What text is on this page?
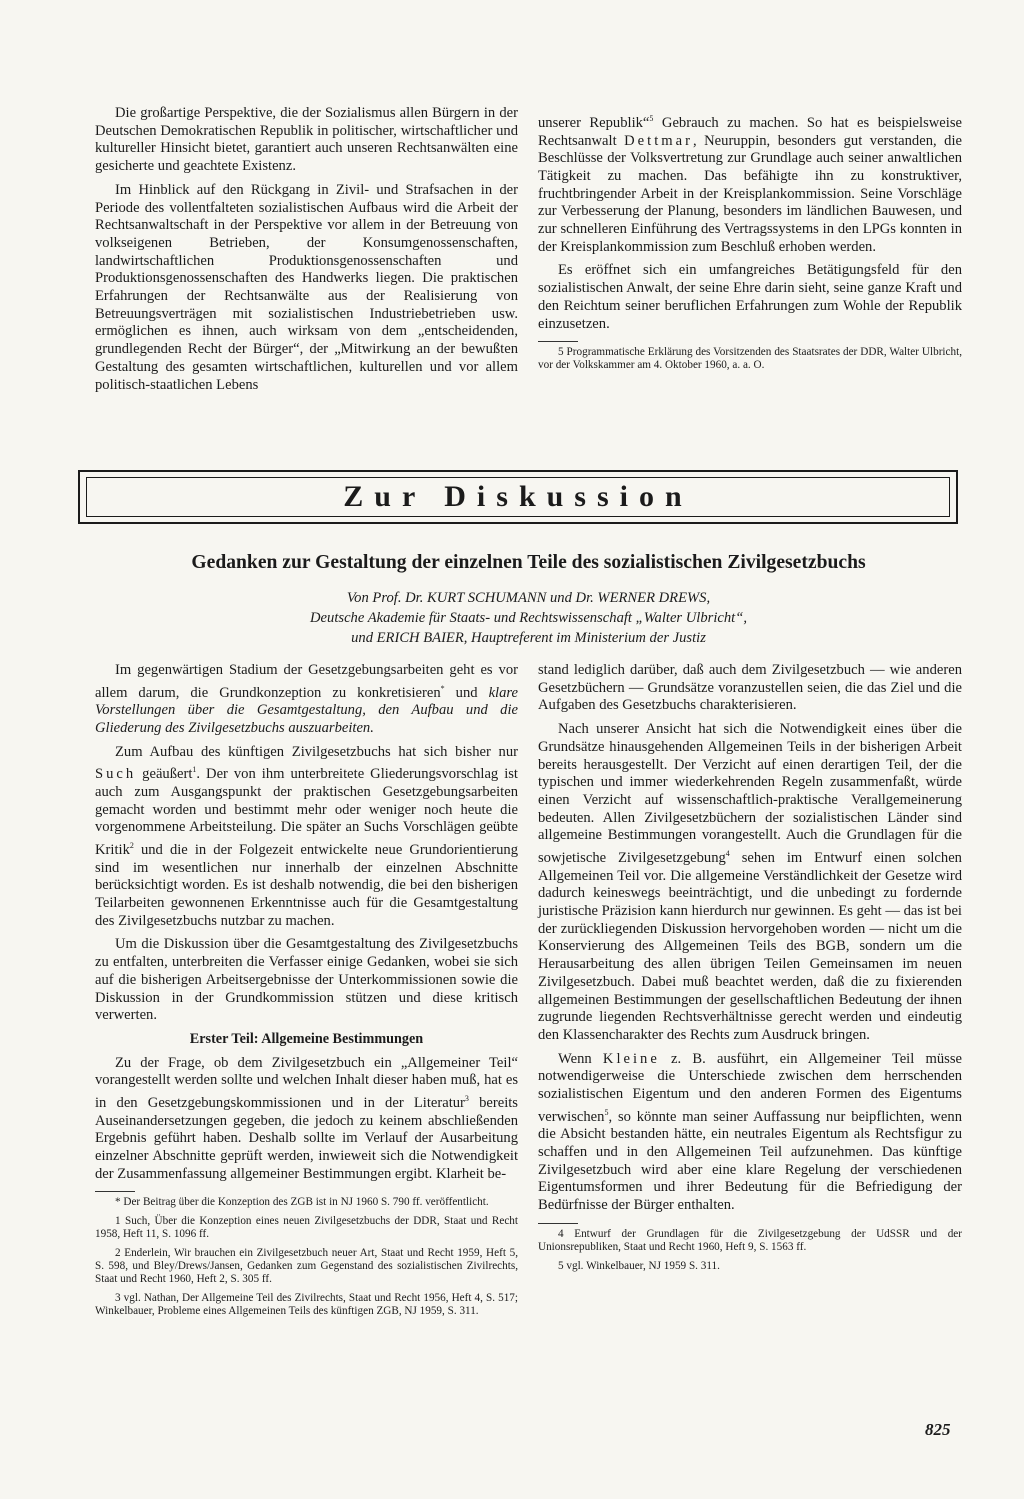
Die großartige Perspektive, die der Sozialismus allen Bürgern in der Deutschen Demokratischen Republik in politischer, wirtschaftlicher und kultureller Hinsicht bietet, garantiert auch unseren Rechtsanwälten eine gesicherte und geachtete Existenz.

Im Hinblick auf den Rückgang in Zivil- und Strafsachen in der Periode des vollentfalteten sozialistischen Aufbaus wird die Arbeit der Rechtsanwaltschaft in der Perspektive vor allem in der Betreuung von volkseigenen Betrieben, der Konsumgenossenschaften, landwirtschaftlichen Produktionsgenossenschaften und Produktionsgenossenschaften des Handwerks liegen. Die praktischen Erfahrungen der Rechtsanwälte aus der Realisierung von Betreuungsverträgen mit sozialistischen Industriebetrieben usw. ermöglichen es ihnen, auch wirksam von dem „entscheidenden, grundlegenden Recht der Bürger“, der „Mitwirkung an der bewußten Gestaltung des gesamten wirtschaftlichen, kulturellen und vor allem politisch-staatlichen Lebens

unserer Republik“$^5$ Gebrauch zu machen. So hat es beispielsweise Rechtsanwalt Dettmar, Neuruppin, besonders gut verstanden, die Beschlüsse der Volksvertretung zur Grundlage auch seiner anwaltlichen Tätigkeit zu machen. Das befähigte ihn zu konstruktiver, fruchtbringender Arbeit in der Kreisplankommission. Seine Vorschläge zur Verbesserung der Planung, besonders im ländlichen Bauwesen, und zur schnelleren Einführung des Vertragssystems in den LPGs konnten in der Kreisplankommission zum Beschluß erhoben werden.

Es eröffnet sich ein umfangreiches Betätigungsfeld für den sozialistischen Anwalt, der seine Ehre darin sieht, seine ganze Kraft und den Reichtum seiner beruflichen Erfahrungen zum Wohle der Republik einzusetzen.

5 Programmatische Erklärung des Vorsitzenden des Staatsrates der DDR, Walter Ulbricht, vor der Volkskammer am 4. Oktober 1960, a. a. O.

Zur Diskussion
Gedanken zur Gestaltung der einzelnen Teile des sozialistischen Zivilgesetzbuchs
Von Prof. Dr. KURT SCHUMANN und Dr. WERNER DREWS,
Deutsche Akademie für Staats- und Rechtswissenschaft „Walter Ulbricht“,
und ERICH BAIER, Hauptreferent im Ministerium der Justiz

Im gegenwärtigen Stadium der Gesetzgebungsarbeiten geht es vor allem darum, die Grundkonzeption zu konkretisieren* und klare Vorstellungen über die Gesamtgestaltung, den Aufbau und die Gliederung des Zivilgesetzbuchs auszuarbeiten.

Zum Aufbau des künftigen Zivilgesetzbuchs hat sich bisher nur Such geäußert$^1$. Der von ihm unterbreitete Gliederungsvorschlag ist auch zum Ausgangspunkt der praktischen Gesetzgebungsarbeiten gemacht worden und bestimmt mehr oder weniger noch heute die vorgenommene Arbeitsteilung. Die später an Suchs Vorschlägen geübte Kritik$^2$ und die in der Folgezeit entwickelte neue Grundorientierung sind im wesentlichen nur innerhalb der einzelnen Abschnitte berücksichtigt worden. Es ist deshalb notwendig, die bei den bisherigen Teilarbeiten gewonnenen Erkenntnisse auch für die Gesamtgestaltung des Zivilgesetzbuchs nutzbar zu machen.

Um die Diskussion über die Gesamtgestaltung des Zivilgesetzbuchs zu entfalten, unterbreiten die Verfasser einige Gedanken, wobei sie sich auf die bisherigen Arbeitsergebnisse der Unterkommissionen sowie die Diskussion in der Grundkommission stützen und diese kritisch verwerten.

Erster Teil: Allgemeine Bestimmungen

Zu der Frage, ob dem Zivilgesetzbuch ein „Allgemeiner Teil“ vorangestellt werden sollte und welchen Inhalt dieser haben muß, hat es in den Gesetzgebungskommissionen und in der Literatur$^3$ bereits Auseinandersetzungen gegeben, die jedoch zu keinem abschließenden Ergebnis geführt haben. Deshalb sollte im Verlauf der Ausarbeitung einzelner Abschnitte geprüft werden, inwieweit sich die Notwendigkeit der Zusammenfassung allgemeiner Bestimmungen ergibt. Klarheit be-

* Der Beitrag über die Konzeption des ZGB ist in NJ 1960 S. 790 ff. veröffentlicht.

1 Such, Über die Konzeption eines neuen Zivilgesetzbuchs der DDR, Staat und Recht 1958, Heft 11, S. 1096 ff.

2 Enderlein, Wir brauchen ein Zivilgesetzbuch neuer Art, Staat und Recht 1959, Heft 5, S. 598, und Bley/Drews/Jansen, Gedanken zum Gegenstand des sozialistischen Zivilrechts, Staat und Recht 1960, Heft 2, S. 305 ff.

3 vgl. Nathan, Der Allgemeine Teil des Zivilrechts, Staat und Recht 1956, Heft 4, S. 517; Winkelbauer, Probleme eines Allgemeinen Teils des künftigen ZGB, NJ 1959, S. 311.

stand lediglich darüber, daß auch dem Zivilgesetzbuch — wie anderen Gesetzbüchern — Grundsätze voranzustellen seien, die das Ziel und die Aufgaben des Gesetzbuchs charakterisieren.

Nach unserer Ansicht hat sich die Notwendigkeit eines über die Grundsätze hinausgehenden Allgemeinen Teils in der bisherigen Arbeit bereits herausgestellt. Der Verzicht auf einen derartigen Teil, der die typischen und immer wiederkehrenden Regeln zusammenfaßt, würde einen Verzicht auf wissenschaftlich-praktische Verallgemeinerung bedeuten. Allen Zivilgesetzbüchern der sozialistischen Länder sind allgemeine Bestimmungen vorangestellt. Auch die Grundlagen für die sowjetische Zivilgesetzgebung$^4$ sehen im Entwurf einen solchen Allgemeinen Teil vor. Die allgemeine Verständlichkeit der Gesetze wird dadurch keineswegs beeinträchtigt, und die unbedingt zu fordernde juristische Präzision kann hierdurch nur gewinnen. Es geht — das ist bei der zurückliegenden Diskussion hervorgehoben worden — nicht um die Konservierung des Allgemeinen Teils des BGB, sondern um die Herausarbeitung des allen übrigen Teilen Gemeinsamen im neuen Zivilgesetzbuch. Dabei muß beachtet werden, daß die zu fixierenden allgemeinen Bestimmungen der gesellschaftlichen Bedeutung der ihnen zugrunde liegenden Rechtsverhältnisse gerecht werden und eindeutig den Klassencharakter des Rechts zum Ausdruck bringen.

Wenn Kleine z. B. ausführt, ein Allgemeiner Teil müsse notwendigerweise die Unterschiede zwischen dem herrschenden sozialistischen Eigentum und den anderen Formen des Eigentums verwischen$^5$, so könnte man seiner Auffassung nur beipflichten, wenn die Absicht bestanden hätte, ein neutrales Eigentum als Rechtsfigur zu schaffen und in den Allgemeinen Teil aufzunehmen. Das künftige Zivilgesetzbuch wird aber eine klare Regelung der verschiedenen Eigentumsformen und ihrer Bedeutung für die Befriedigung der Bedürfnisse der Bürger enthalten.

4 Entwurf der Grundlagen für die Zivilgesetzgebung der UdSSR und der Unionsrepubliken, Staat und Recht 1960, Heft 9, S. 1563 ff.

5 vgl. Winkelbauer, NJ 1959 S. 311.

825
